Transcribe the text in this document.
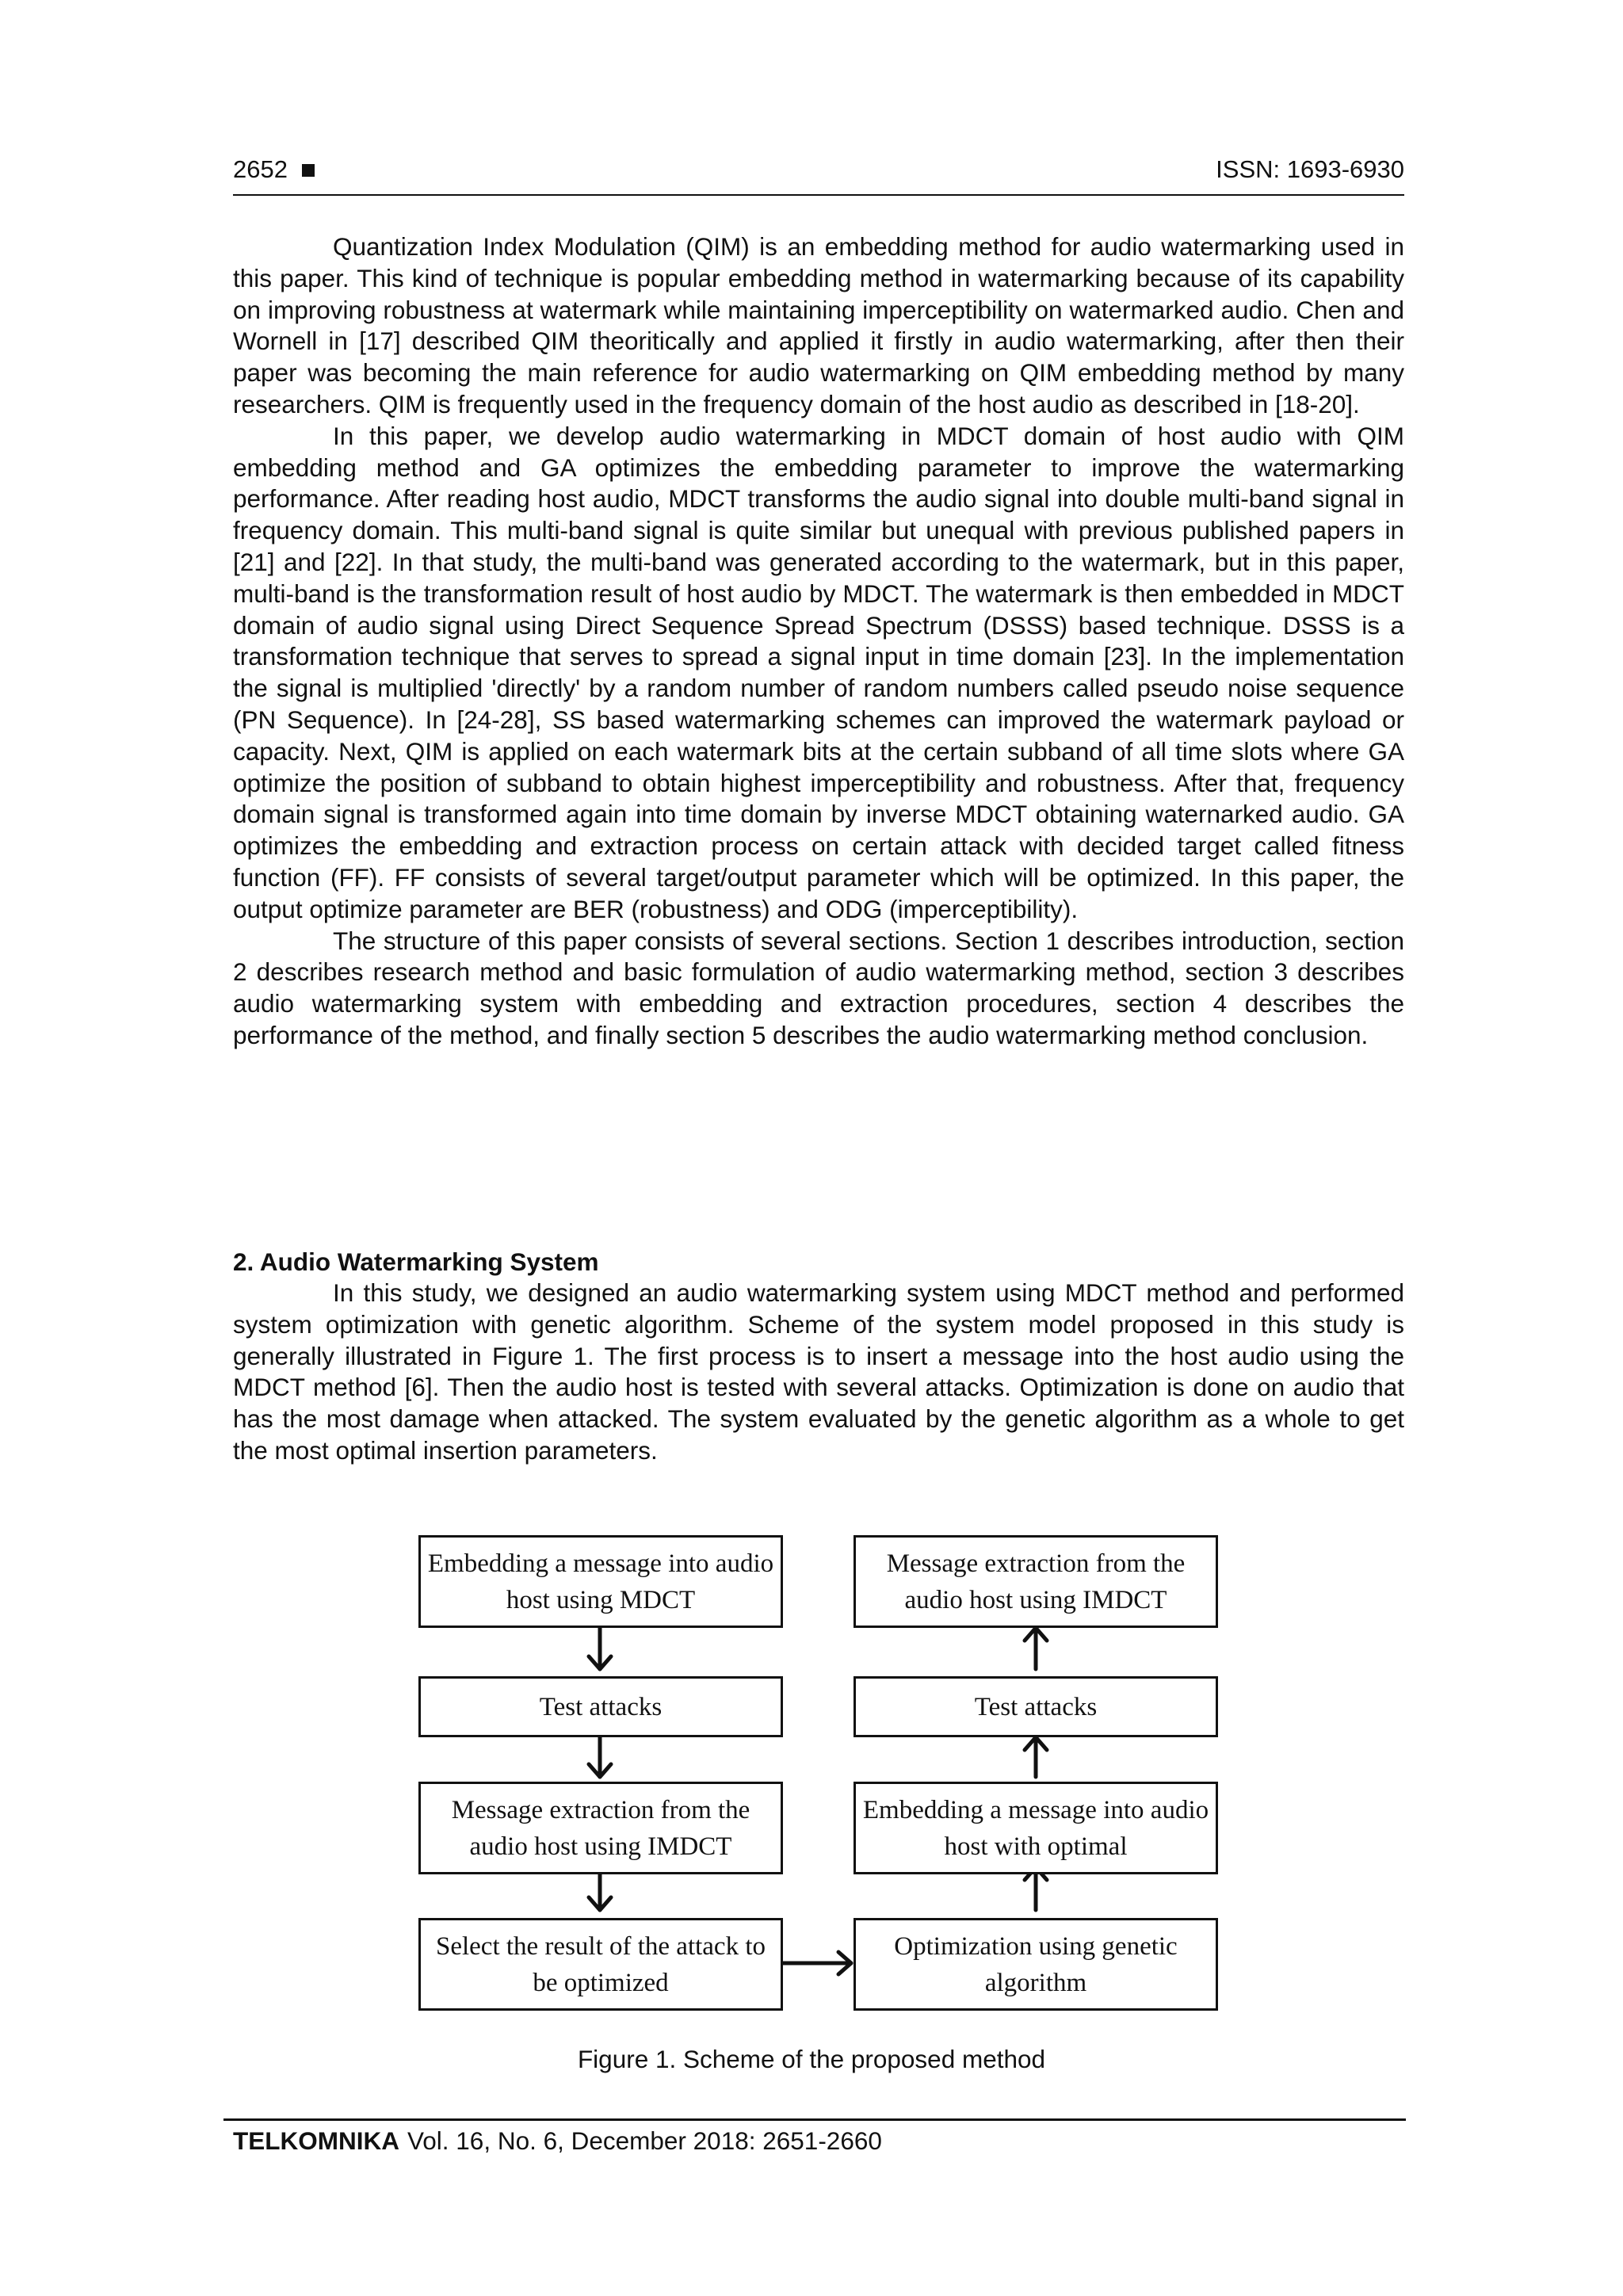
2652	ISSN: 1693-6930

Quantization Index Modulation (QIM) is an embedding method for audio watermarking used in this paper. This kind of technique is popular embedding method in watermarking because of its capability on improving robustness at watermark while maintaining imperceptibility on watermarked audio. Chen and Wornell in [17] described QIM theoritically and applied it firstly in audio watermarking, after then their paper was becoming the main reference for audio watermarking on QIM embedding method by many researchers. QIM is frequently used in the frequency domain of the host audio as described in [18-20].

In this paper, we develop audio watermarking in MDCT domain of host audio with QIM embedding method and GA optimizes the embedding parameter to improve the watermarking performance. After reading host audio, MDCT transforms the audio signal into double multi-band signal in frequency domain. This multi-band signal is quite similar but unequal with previous published papers in [21] and [22]. In that study, the multi-band was generated according to the watermark, but in this paper, multi-band is the transformation result of host audio by MDCT. The watermark is then embedded in MDCT domain of audio signal using Direct Sequence Spread Spectrum (DSSS) based technique. DSSS is a transformation technique that serves to spread a signal input in time domain [23]. In the implementation the signal is multiplied 'directly' by a random number of random numbers called pseudo noise sequence (PN Sequence). In [24-28], SS based watermarking schemes can improved the watermark payload or capacity. Next, QIM is applied on each watermark bits at the certain subband of all time slots where GA optimize the position of subband to obtain highest imperceptibility and robustness. After that, frequency domain signal is transformed again into time domain by inverse MDCT obtaining waternarked audio. GA optimizes the embedding and extraction process on certain attack with decided target called fitness function (FF). FF consists of several target/output parameter which will be optimized. In this paper, the output optimize parameter are BER (robustness) and ODG (imperceptibility).

The structure of this paper consists of several sections. Section 1 describes introduction, section 2 describes research method and basic formulation of audio watermarking method, section 3 describes audio watermarking system with embedding and extraction procedures, section 4 describes the performance of the method, and finally section 5 describes the audio watermarking method conclusion.

2. Audio Watermarking System

In this study, we designed an audio watermarking system using MDCT method and performed system optimization with genetic algorithm. Scheme of the system model proposed in this study is generally illustrated in Figure 1. The first process is to insert a message into the host audio using the MDCT method [6]. Then the audio host is tested with several attacks. Optimization is done on audio that has the most damage when attacked. The system evaluated by the genetic algorithm as a whole to get the most optimal insertion parameters.

Embedding a message into audio host using MDCT
Test attacks
Message extraction from the audio host using IMDCT
Select the result of the attack to be optimized
Message extraction from the audio host using IMDCT
Test attacks
Embedding a message into audio host with optimal
Optimization using genetic algorithm
Figure 1. Scheme of the proposed method
TELKOMNIKA Vol. 16, No. 6, December 2018: 2651-2660
